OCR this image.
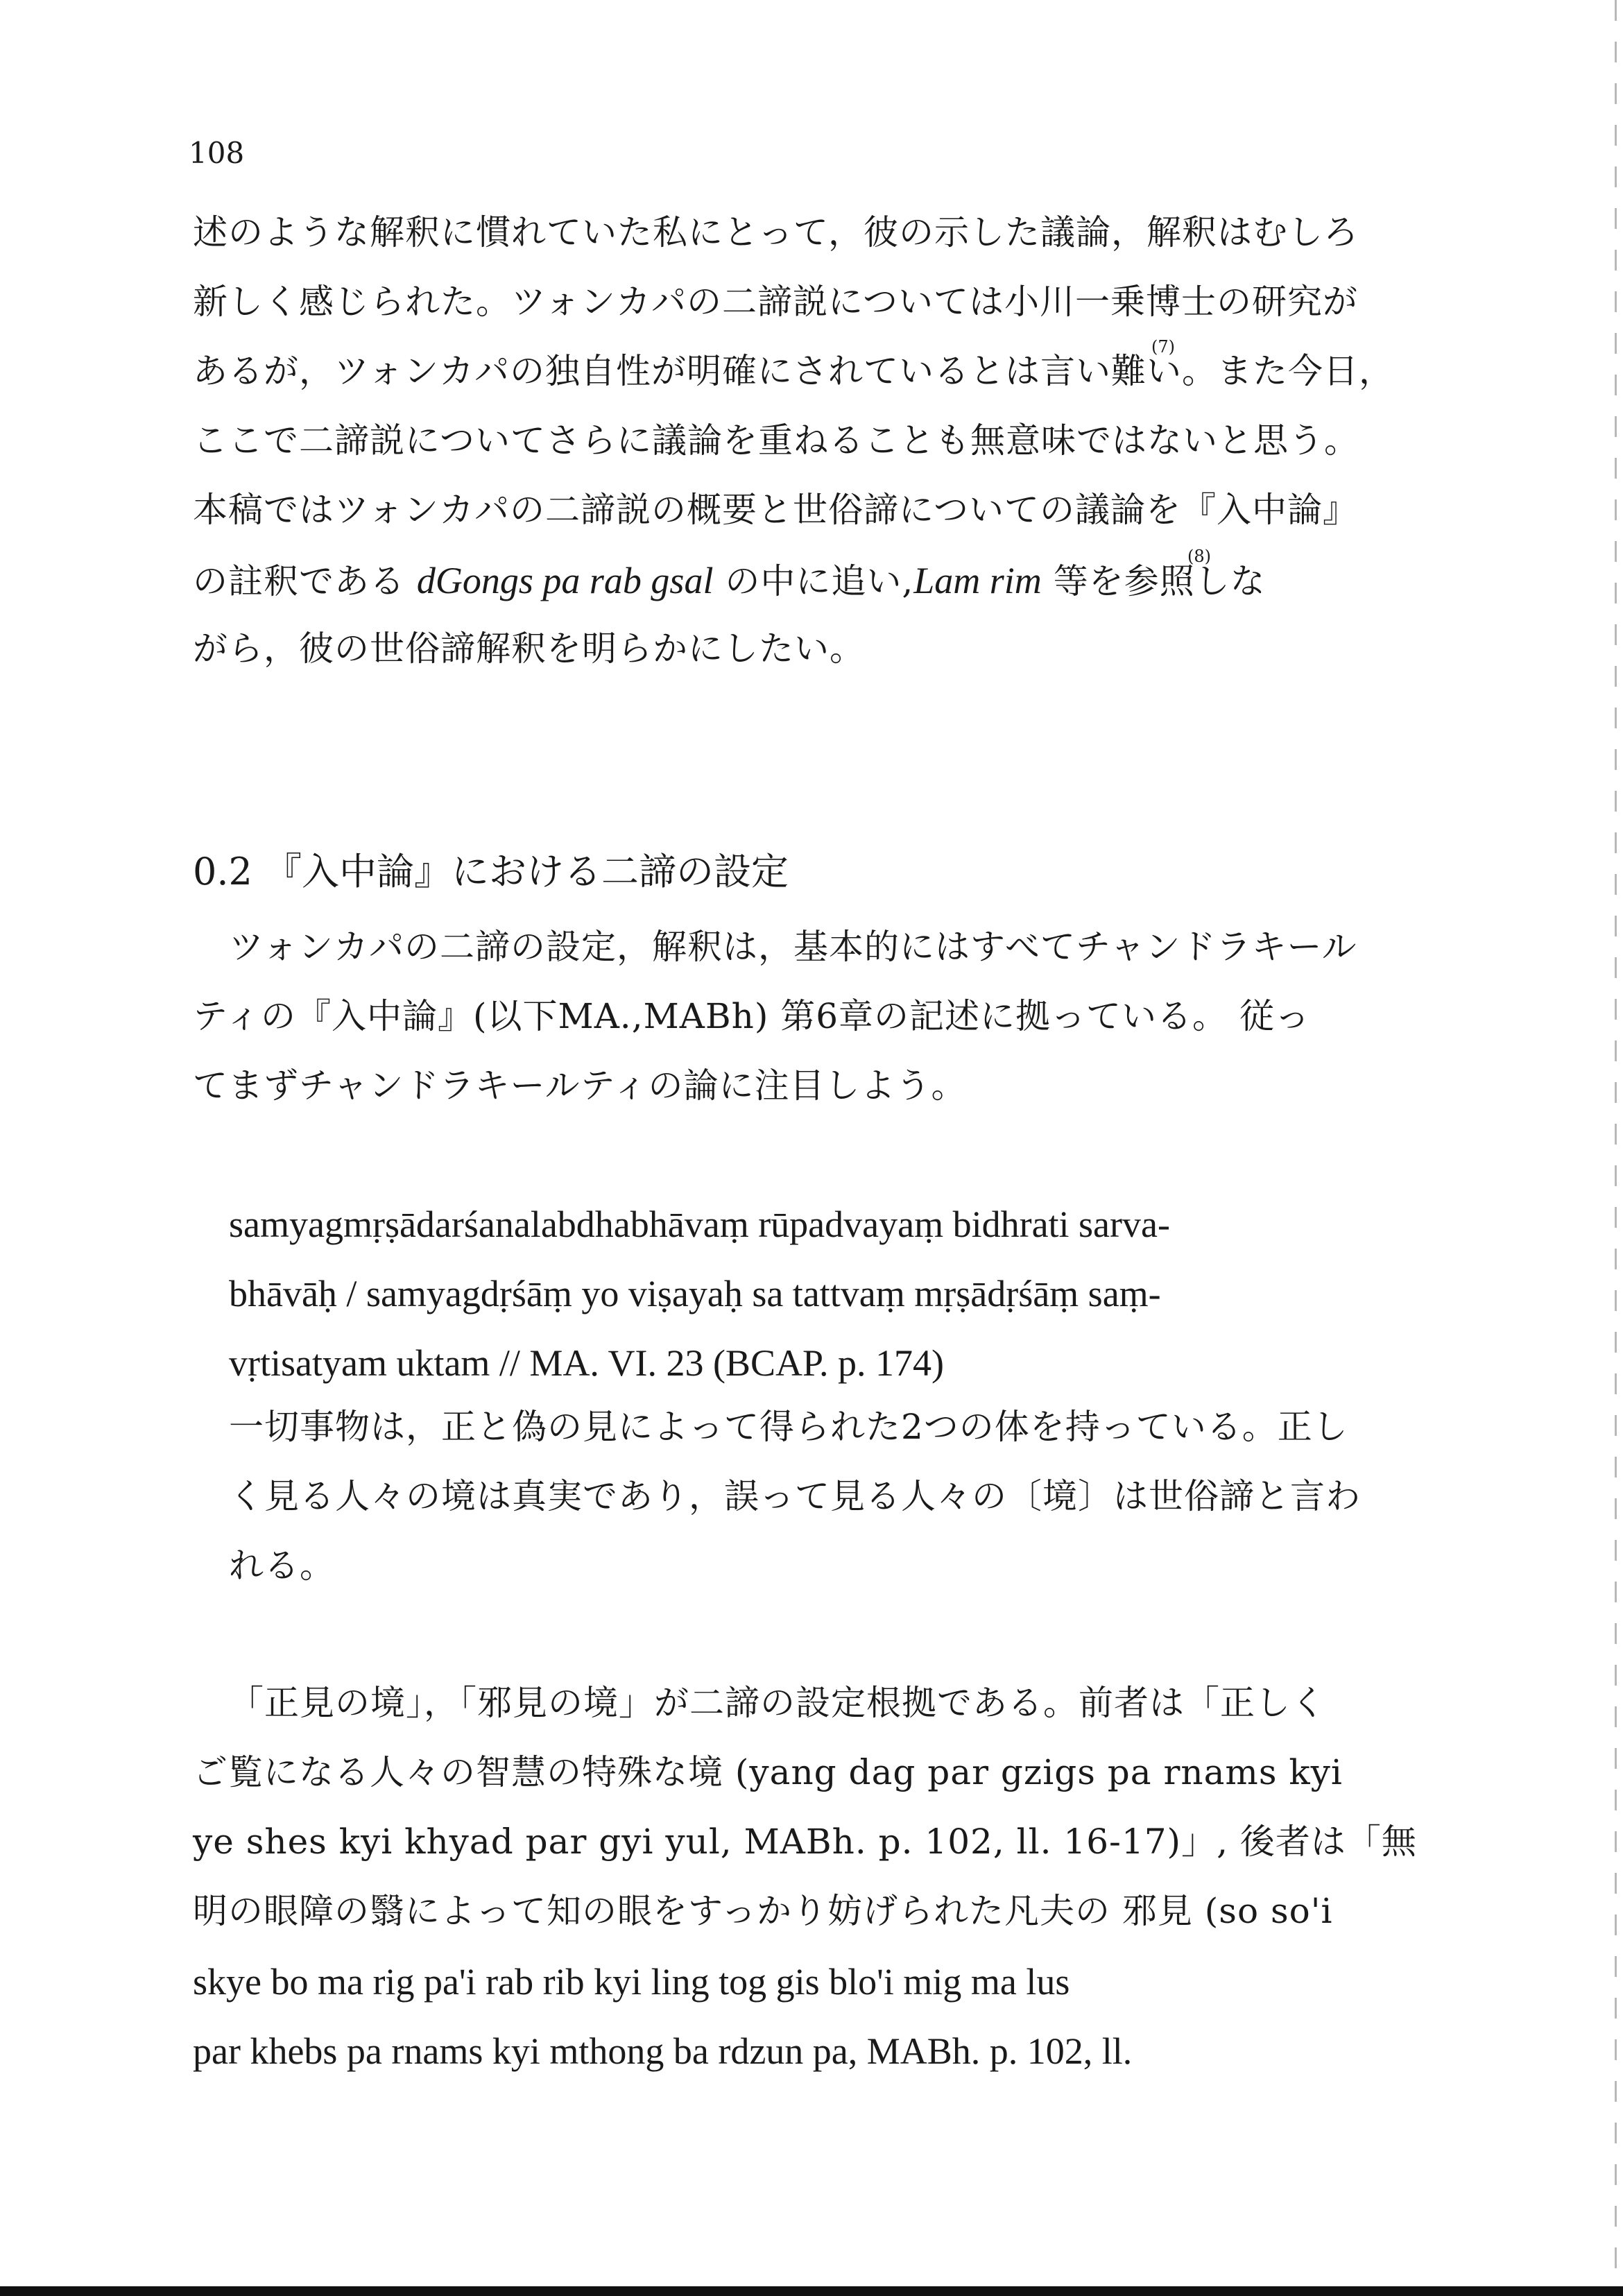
108
述のような解釈に慣れていた私にとって，彼の示した議論，解釈はむしろ
新しく感じられた。ツォンカパの二諦説については小川一乗博士の研究が
あるが，ツォンカパの独自性が明確にされているとは言い難い。また今日，
(7)
ここで二諦説についてさらに議論を重ねることも無意味ではないと思う。
本稿ではツォンカパの二諦説の概要と世俗諦についての議論を『入中論』
の註釈である dGongs pa rab gsal の中に追い,Lam rim 等を参照しな
(8)
がら，彼の世俗諦解釈を明らかにしたい。
0.2 『入中論』における二諦の設定
ツォンカパの二諦の設定，解釈は，基本的にはすべてチャンドラキール
ティの『入中論』(以下MA.,MABh) 第6章の記述に拠っている。 従っ
てまずチャンドラキールティの論に注目しよう。
samyagmṛṣādarśanalabdhabhāvaṃ rūpadvayaṃ bidhrati sarva-
bhāvāḥ / samyagdṛśāṃ yo viṣayaḥ sa tattvaṃ mṛṣādṛśāṃ saṃ-
vṛtisatyam uktam // MA. VI. 23 (BCAP. p. 174)
一切事物は，正と偽の見によって得られた2つの体を持っている。正し
く見る人々の境は真実であり，誤って見る人々の〔境〕は世俗諦と言わ
れる。
「正見の境」，「邪見の境」が二諦の設定根拠である。前者は「正しく
ご覧になる人々の智慧の特殊な境 (yang dag par gzigs pa rnams kyi
ye shes kyi khyad par gyi yul, MABh. p. 102, ll. 16-17)」, 後者は「無
明の眼障の翳によって知の眼をすっかり妨げられた凡夫の 邪見 (so so'i
skye bo ma rig pa'i rab rib kyi ling tog gis blo'i mig ma lus
par khebs pa rnams kyi mthong ba rdzun pa, MABh. p. 102, ll.
